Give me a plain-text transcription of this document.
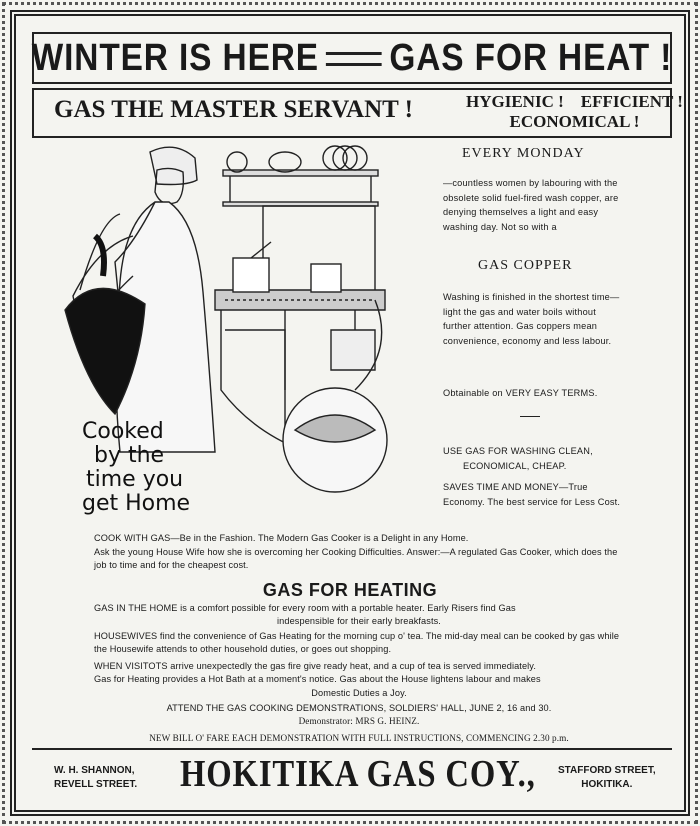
WINTER IS HERE GAS FOR HEAT !
GAS THE MASTER SERVANT !	HYGIENIC !    EFFICIENT !
ECONOMICAL !
Cooked
by the
time you
get Home
EVERY MONDAY
—countless women by labouring with the obsolete solid fuel-fired wash copper, are denying themselves a light and easy washing day. Not so with a
GAS COPPER
Washing is finished in the shortest time—light the gas and water boils without further attention. Gas coppers mean convenience, economy and less labour.
Obtainable on VERY EASY TERMS.
USE GAS FOR WASHING CLEAN,
ECONOMICAL, CHEAP.
SAVES TIME AND MONEY—True Economy. The best service for Less Cost.
COOK WITH GAS—Be in the Fashion. The Modern Gas Cooker is a Delight in any Home.
Ask the young House Wife how she is overcoming her Cooking Difficulties. Answer:—A regulated Gas Cooker, which does the job to time and for the cheapest cost.
GAS FOR HEATING
GAS IN THE HOME is a comfort possible for every room with a portable heater. Early Risers find Gas
indespensible for their early breakfasts.
HOUSEWIVES find the convenience of Gas Heating for the morning cup o' tea. The mid-day meal can be cooked by gas while the Housewife attends to other household duties, or goes out shopping.
WHEN VISITOTS arrive unexpectedly the gas fire give ready heat, and a cup of tea is served immediately.
Gas for Heating provides a Hot Bath at a moment's notice. Gas about the House lightens labour and makes
Domestic Duties a Joy.
ATTEND THE GAS COOKING DEMONSTRATIONS, SOLDIERS' HALL, JUNE 2, 16 and 30.
Demonstrator: MRS G. HEINZ.
NEW BILL O' FARE EACH DEMONSTRATION WITH FULL INSTRUCTIONS, COMMENCING 2.30 p.m.
W. H. SHANNON,
REVELL STREET. HOKITIKA GAS COY., STAFFORD STREET,
HOKITIKA.
